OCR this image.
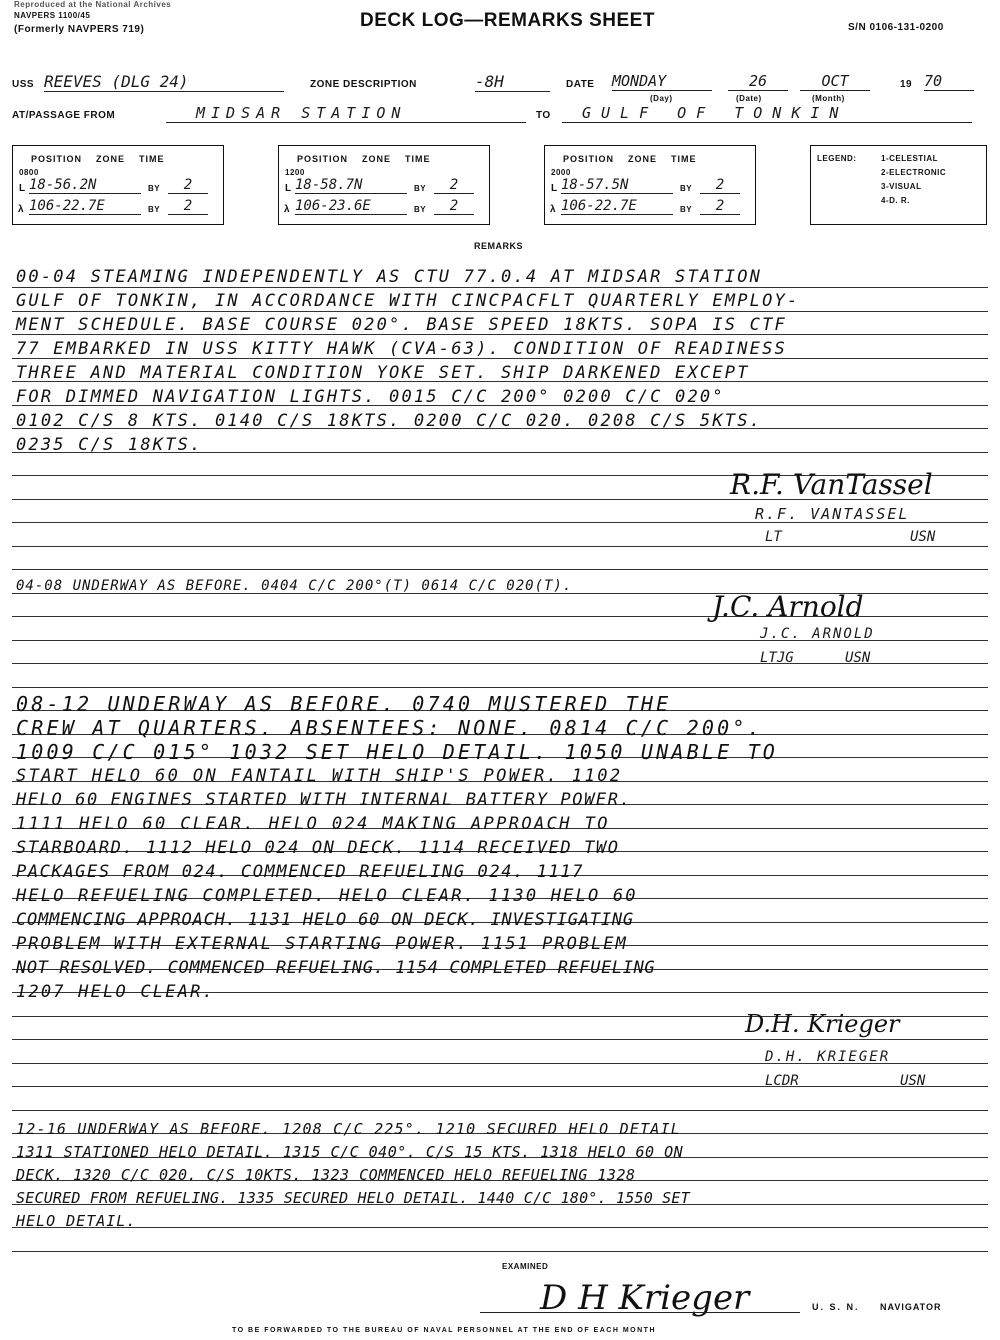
Reproduced at the National Archives
NAVPERS 1100/45
(Formerly NAVPERS 719)	DECK LOG—REMARKS SHEET	S/N 0106-131-0200
USS REEVES (DLG 24)	ZONE DESCRIPTION	-8H	DATE MONDAY	26	OCT	19 70
(Day)	(Date)	(Month)
AT/PASSAGE FROM	MIDSAR STATION	TO	GULF OF TONKIN
POSITION    ZONE    TIME
0800
L 18-56.2N	BY	2
λ 106-22.7E	BY	2
POSITION    ZONE    TIME
1200
L 18-58.7N	BY	2
λ 106-23.6E	BY	2
POSITION    ZONE    TIME
2000
L 18-57.5N	BY	2
λ 106-22.7E	BY	2
LEGEND:	1-CELESTIAL
2-ELECTRONIC
3-VISUAL
4-D. R.
REMARKS
00-04 STEAMING INDEPENDENTLY AS CTU 77.0.4 AT MIDSAR STATION
GULF OF TONKIN, IN ACCORDANCE WITH CINCPACFLT QUARTERLY EMPLOY-
MENT SCHEDULE. BASE COURSE 020°. BASE SPEED 18KTS. SOPA IS CTF
77 EMBARKED IN USS KITTY HAWK (CVA-63). CONDITION OF READINESS
THREE AND MATERIAL CONDITION YOKE SET. SHIP DARKENED EXCEPT
FOR DIMMED NAVIGATION LIGHTS. 0015 C/C 200° 0200 C/C 020°
0102 C/S 8 KTS. 0140 C/S 18KTS. 0200 C/C 020. 0208 C/S 5KTS.
0235 C/S 18KTS.
R.F. VanTassel
R.F. VANTASSEL
LT	USN
04-08 UNDERWAY AS BEFORE. 0404 C/C 200°(T) 0614 C/C 020(T).
J.C. Arnold
J.C. ARNOLD
LTJG	USN
08-12 UNDERWAY AS BEFORE. 0740 MUSTERED THE
CREW AT QUARTERS. ABSENTEES: NONE. 0814 C/C 200°.
1009 C/C 015° 1032 SET HELO DETAIL. 1050 UNABLE TO
START HELO 60 ON FANTAIL WITH SHIP'S POWER. 1102
HELO 60 ENGINES STARTED WITH INTERNAL BATTERY POWER.
1111 HELO 60 CLEAR. HELO 024 MAKING APPROACH TO
STARBOARD. 1112 HELO 024 ON DECK. 1114 RECEIVED TWO
PACKAGES FROM 024. COMMENCED REFUELING 024. 1117
HELO REFUELING COMPLETED. HELO CLEAR. 1130 HELO 60
COMMENCING APPROACH. 1131 HELO 60 ON DECK. INVESTIGATING
PROBLEM WITH EXTERNAL STARTING POWER. 1151 PROBLEM
NOT RESOLVED. COMMENCED REFUELING. 1154 COMPLETED REFUELING
1207 HELO CLEAR.
D.H. Krieger
D.H. KRIEGER
LCDR	USN
12-16 UNDERWAY AS BEFORE. 1208 C/C 225°. 1210 SECURED HELO DETAIL
1311 STATIONED HELO DETAIL. 1315 C/C 040°. C/S 15 KTS. 1318 HELO 60 ON
DECK. 1320 C/C 020. C/S 10KTS. 1323 COMMENCED HELO REFUELING 1328
SECURED FROM REFUELING. 1335 SECURED HELO DETAIL. 1440 C/C 180°. 1550 SET
HELO DETAIL.
EXAMINED
D H Krieger	U. S. N. NAVIGATOR
TO BE FORWARDED TO THE BUREAU OF NAVAL PERSONNEL AT THE END OF EACH MONTH
